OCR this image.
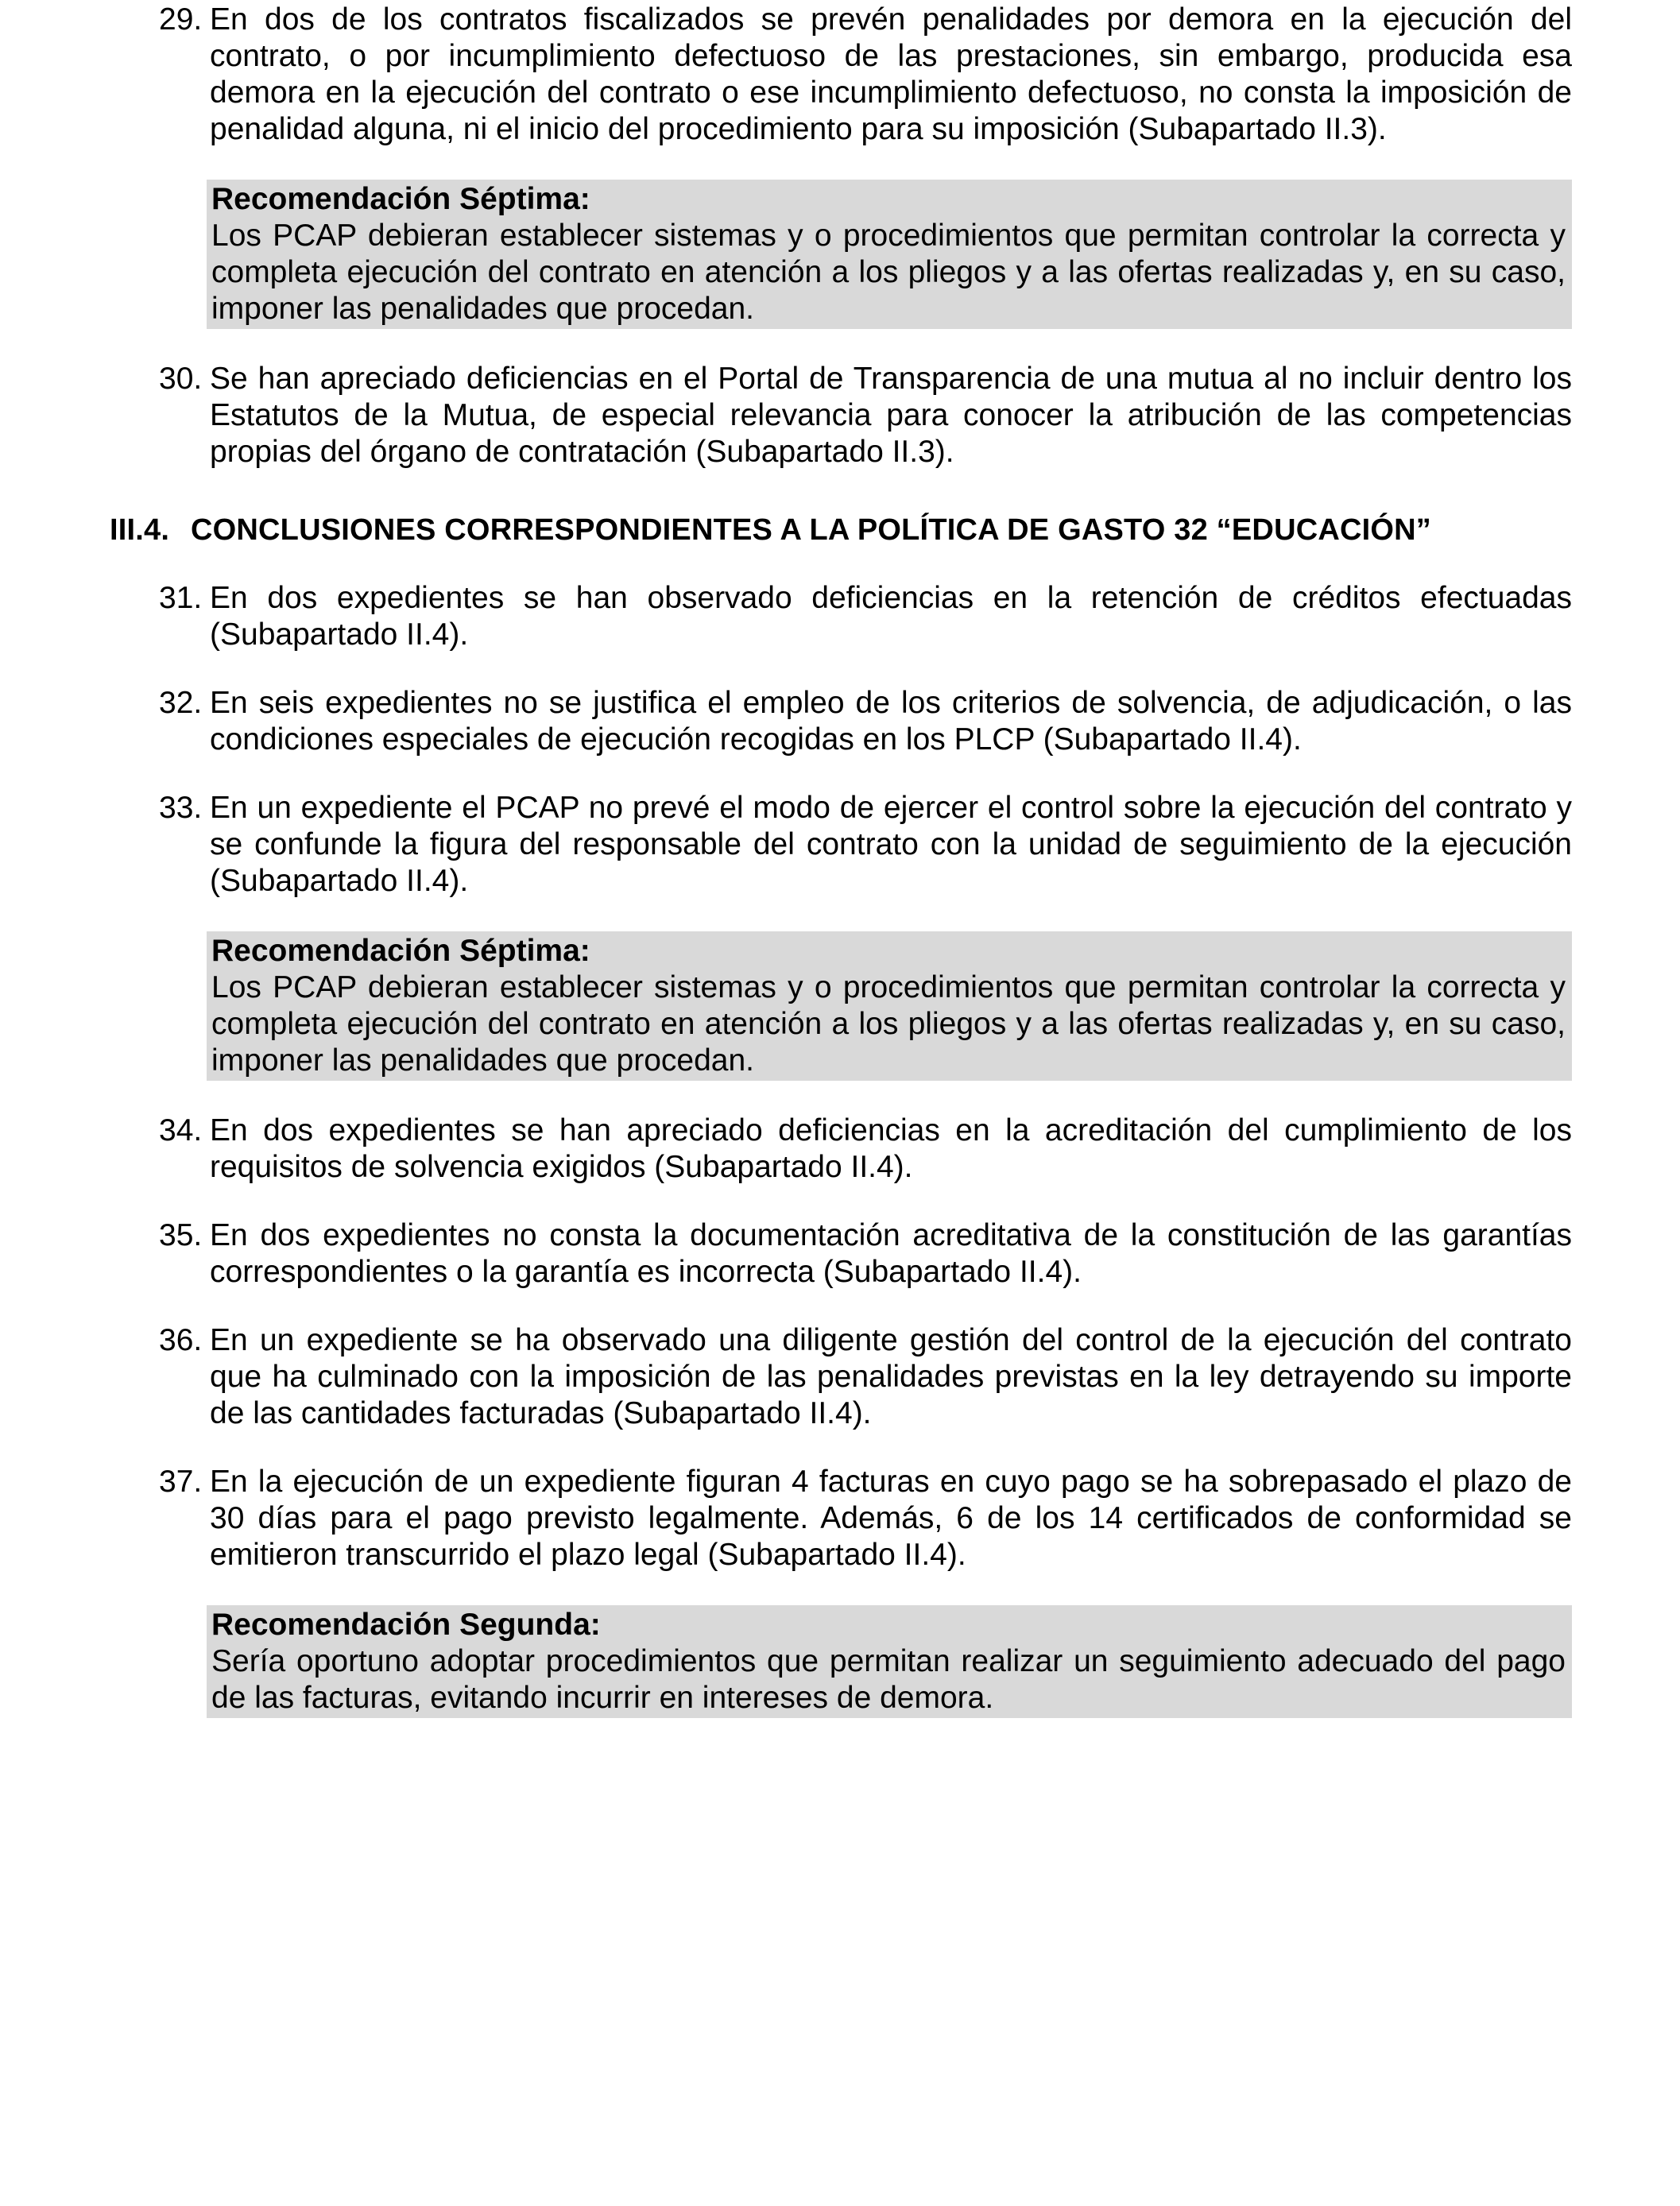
29. En dos de los contratos fiscalizados se prevén penalidades por demora en la ejecución del contrato, o por incumplimiento defectuoso de las prestaciones, sin embargo, producida esa demora en la ejecución del contrato o ese incumplimiento defectuoso, no consta la imposición de penalidad alguna, ni el inicio del procedimiento para su imposición (Subapartado II.3).
Recomendación Séptima:
Los PCAP debieran establecer sistemas y o procedimientos que permitan controlar la correcta y completa ejecución del contrato en atención a los pliegos y a las ofertas realizadas y, en su caso, imponer las penalidades que procedan.
30. Se han apreciado deficiencias en el Portal de Transparencia de una mutua al no incluir dentro los Estatutos de la Mutua, de especial relevancia para conocer la atribución de las competencias propias del órgano de contratación (Subapartado II.3).
III.4. CONCLUSIONES CORRESPONDIENTES A LA POLÍTICA DE GASTO 32 “EDUCACIÓN”
31. En dos expedientes se han observado deficiencias en la retención de créditos efectuadas (Subapartado II.4).
32. En seis expedientes no se justifica el empleo de los criterios de solvencia, de adjudicación, o las condiciones especiales de ejecución recogidas en los PLCP (Subapartado II.4).
33. En un expediente el PCAP no prevé el modo de ejercer el control sobre la ejecución del contrato y se confunde la figura del responsable del contrato con la unidad de seguimiento de la ejecución (Subapartado II.4).
Recomendación Séptima:
Los PCAP debieran establecer sistemas y o procedimientos que permitan controlar la correcta y completa ejecución del contrato en atención a los pliegos y a las ofertas realizadas y, en su caso, imponer las penalidades que procedan.
34. En dos expedientes se han apreciado deficiencias en la acreditación del cumplimiento de los requisitos de solvencia exigidos (Subapartado II.4).
35. En dos expedientes no consta la documentación acreditativa de la constitución de las garantías correspondientes o la garantía es incorrecta (Subapartado II.4).
36. En un expediente se ha observado una diligente gestión del control de la ejecución del contrato que ha culminado con la imposición de las penalidades previstas en la ley detrayendo su importe de las cantidades facturadas (Subapartado II.4).
37. En la ejecución de un expediente figuran 4 facturas en cuyo pago se ha sobrepasado el plazo de 30 días para el pago previsto legalmente. Además, 6 de los 14 certificados de conformidad se emitieron transcurrido el plazo legal (Subapartado II.4).
Recomendación Segunda:
Sería oportuno adoptar procedimientos que permitan realizar un seguimiento adecuado del pago de las facturas, evitando incurrir en intereses de demora.
